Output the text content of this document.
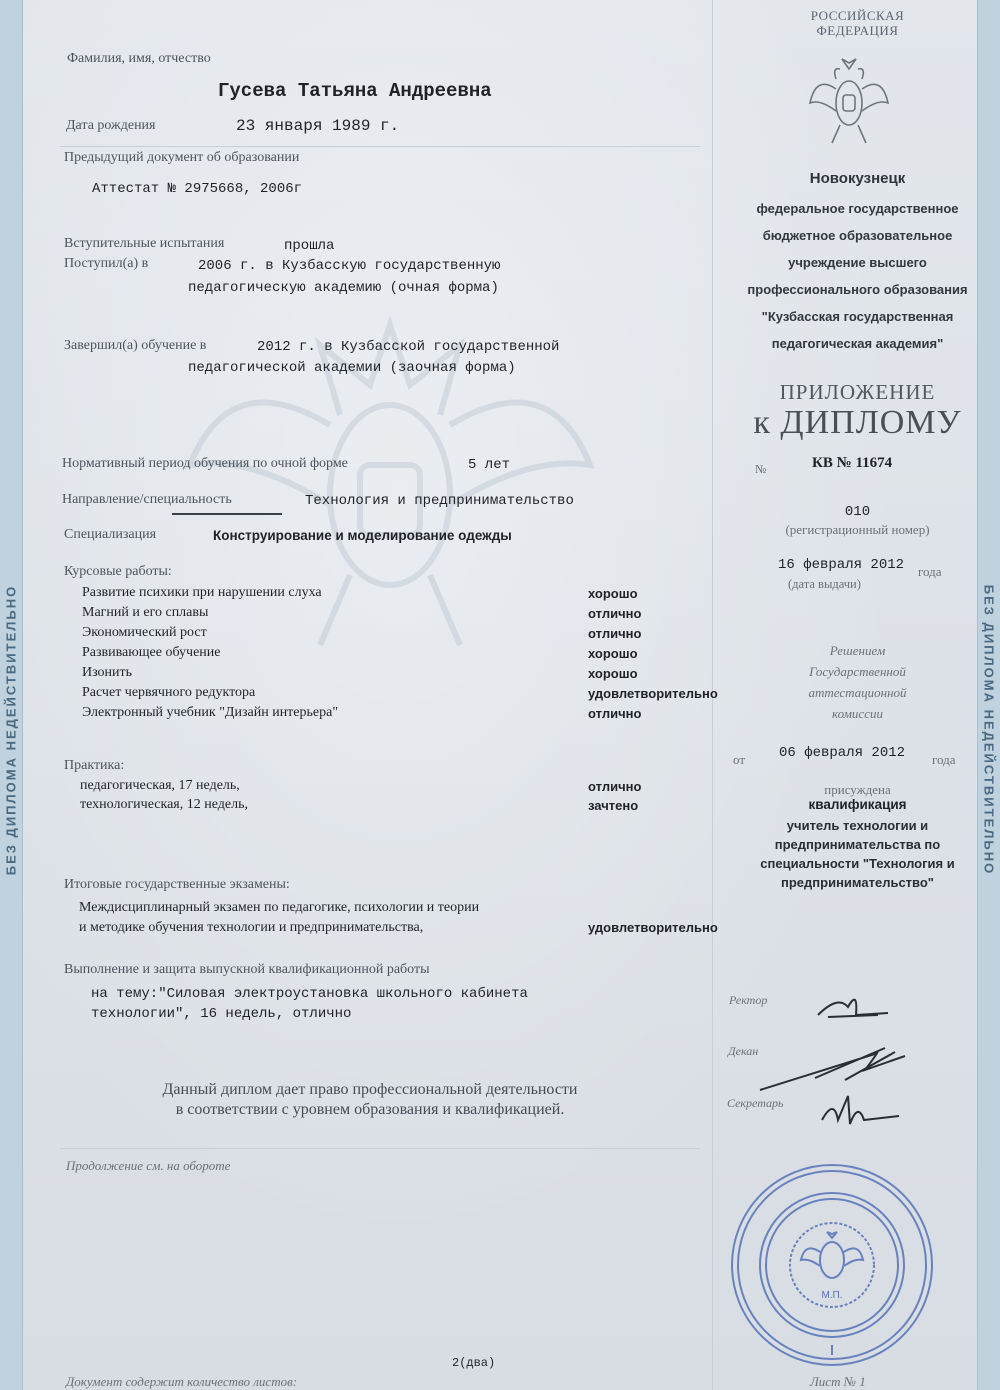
БЕЗ ДИПЛОМА НЕДЕЙСТВИТЕЛЬНО	БЕЗ ДИПЛОМА НЕДЕЙСТВИТЕЛЬНО
Фамилия, имя, отчество
Гусева Татьяна Андреевна
Дата рождения	23 января 1989 г.
Предыдущий документ об образовании
Аттестат № 2975668, 2006г
Вступительные испытания	прошла
Поступил(а) в	2006 г. в Кузбасскую государственную
педагогическую академию (очная форма)
Завершил(а) обучение в	2012 г. в Кузбасской государственной
педагогической академии (заочная форма)
Нормативный период обучения по очной форме	5 лет
Направление/специальность	Технология и предпринимательство
Специализация	Конструирование и моделирование одежды
Курсовые работы:
Развитие психики при нарушении слуха	хорошо
Магний и его сплавы	отлично
Экономический рост	отлично
Развивающее обучение	хорошо
Изонить	хорошо
Расчет червячного редуктора	удовлетворительно
Электронный учебник "Дизайн интерьера"	отлично
Практика:
педагогическая, 17 недель,	отлично
технологическая, 12 недель,	зачтено
Итоговые государственные экзамены:
Междисциплинарный экзамен по педагогике, психологии и теории
и методике обучения технологии и предпринимательства,	удовлетворительно
Выполнение и защита выпускной квалификационной работы
на тему:"Силовая электроустановка школьного кабинета
технологии", 16 недель, отлично
Данный диплом дает право профессиональной деятельности
в соответствии с уровнем образования и квалификацией.
Продолжение см. на обороте
2(два)
Документ содержит количество листов:	Лист № 1
РОССИЙСКАЯ
ФЕДЕРАЦИЯ
Новокузнецк
федеральное государственное
бюджетное образовательное
учреждение высшего
профессионального образования
"Кузбасская государственная
педагогическая академия"
ПРИЛОЖЕНИЕ
к ДИПЛОМУ
№	КВ № 11674
010
(регистрационный номер)
16 февраля 2012 года
(дата выдачи)
Решением
Государственной
аттестационной
комиссии
от 06 февраля 2012 года
присуждена
квалификация
учитель технологии и
предпринимательства по
специальности "Технология и
предпринимательство"
Ректор
Декан
Секретарь
М.П.
